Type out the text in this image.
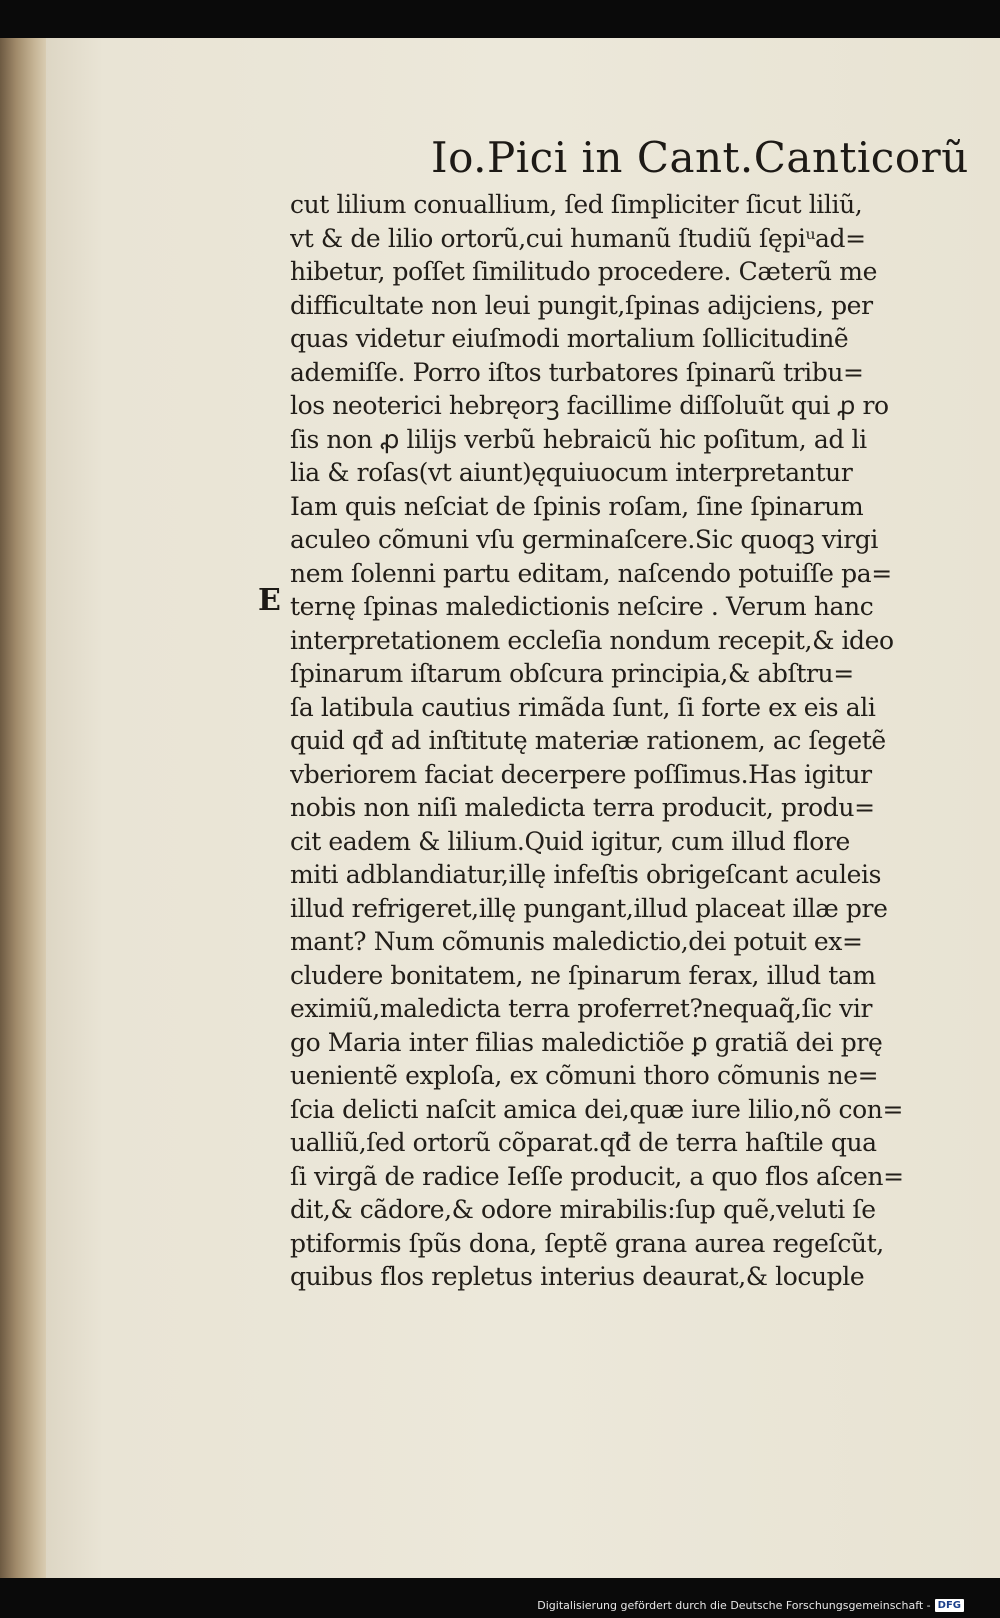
Io.Pici in Cant.Canticorũ
E
cut lilium conuallium, ſed ſimpliciter ſicut liliũ,
vt & de lilio ortorũ,cui humanũ ſtudiũ ſępiᵘad=
hibetur, poſſet ſimilitudo procedere. Cæterũ me
difficultate non leui pungit,ſpinas adijciens, per
quas videtur eiuſmodi mortalium ſollicitudinẽ
ademiſſe. Porro iſtos turbatores ſpinarũ tribu=
los neoterici hebręorꝫ facillime diſſoluũt qui ꝓ ro
ſis non ꝓ lilijs verbũ hebraicũ hic poſitum, ad li
lia & roſas(vt aiunt)ęquiuocum interpretantur
Iam quis neſciat de ſpinis roſam, ſine ſpinarum
aculeo cõmuni vſu germinaſcere.Sic quoqꝫ virgi
nem ſolenni partu editam, naſcendo potuiſſe pa=
ternę ſpinas maledictionis neſcire . Verum hanc
interpretationem eccleſia nondum recepit,& ideo
ſpinarum iſtarum obſcura principia,& abſtru=
ſa latibula cautius rimãda ſunt, ſi forte ex eis ali
quid qđ ad inſtitutę materiæ rationem, ac ſegetẽ
vberiorem faciat decerpere poſſimus.Has igitur
nobis non niſi maledicta terra producit, produ=
cit eadem & lilium.Quid igitur, cum illud flore
miti adblandiatur,illę infeſtis obrigeſcant aculeis
illud refrigeret,illę pungant,illud placeat illæ pre
mant? Num cõmunis maledictio,dei potuit ex=
cludere bonitatem, ne ſpinarum ferax, illud tam
eximiũ,maledicta terra proferret?nequaq̃,ſic vir
go Maria inter filias maledictiõe ꝑ gratiã dei prę
uenientẽ exploſa, ex cõmuni thoro cõmunis ne=
ſcia delicti naſcit amica dei,quæ iure lilio,nõ con=
ualliũ,ſed ortorũ cõparat.qđ de terra haſtile qua
ſi virgã de radice Ieſſe producit, a quo flos aſcen=
dit,& cãdore,& odore mirabilis:ſup quẽ,veluti ſe
ptiformis ſpũs dona, ſeptẽ grana aurea regeſcũt,
quibus flos repletus interius deaurat,& locuple
Digitalisierung gefördert durch die Deutsche Forschungsgemeinschaft - DFG
